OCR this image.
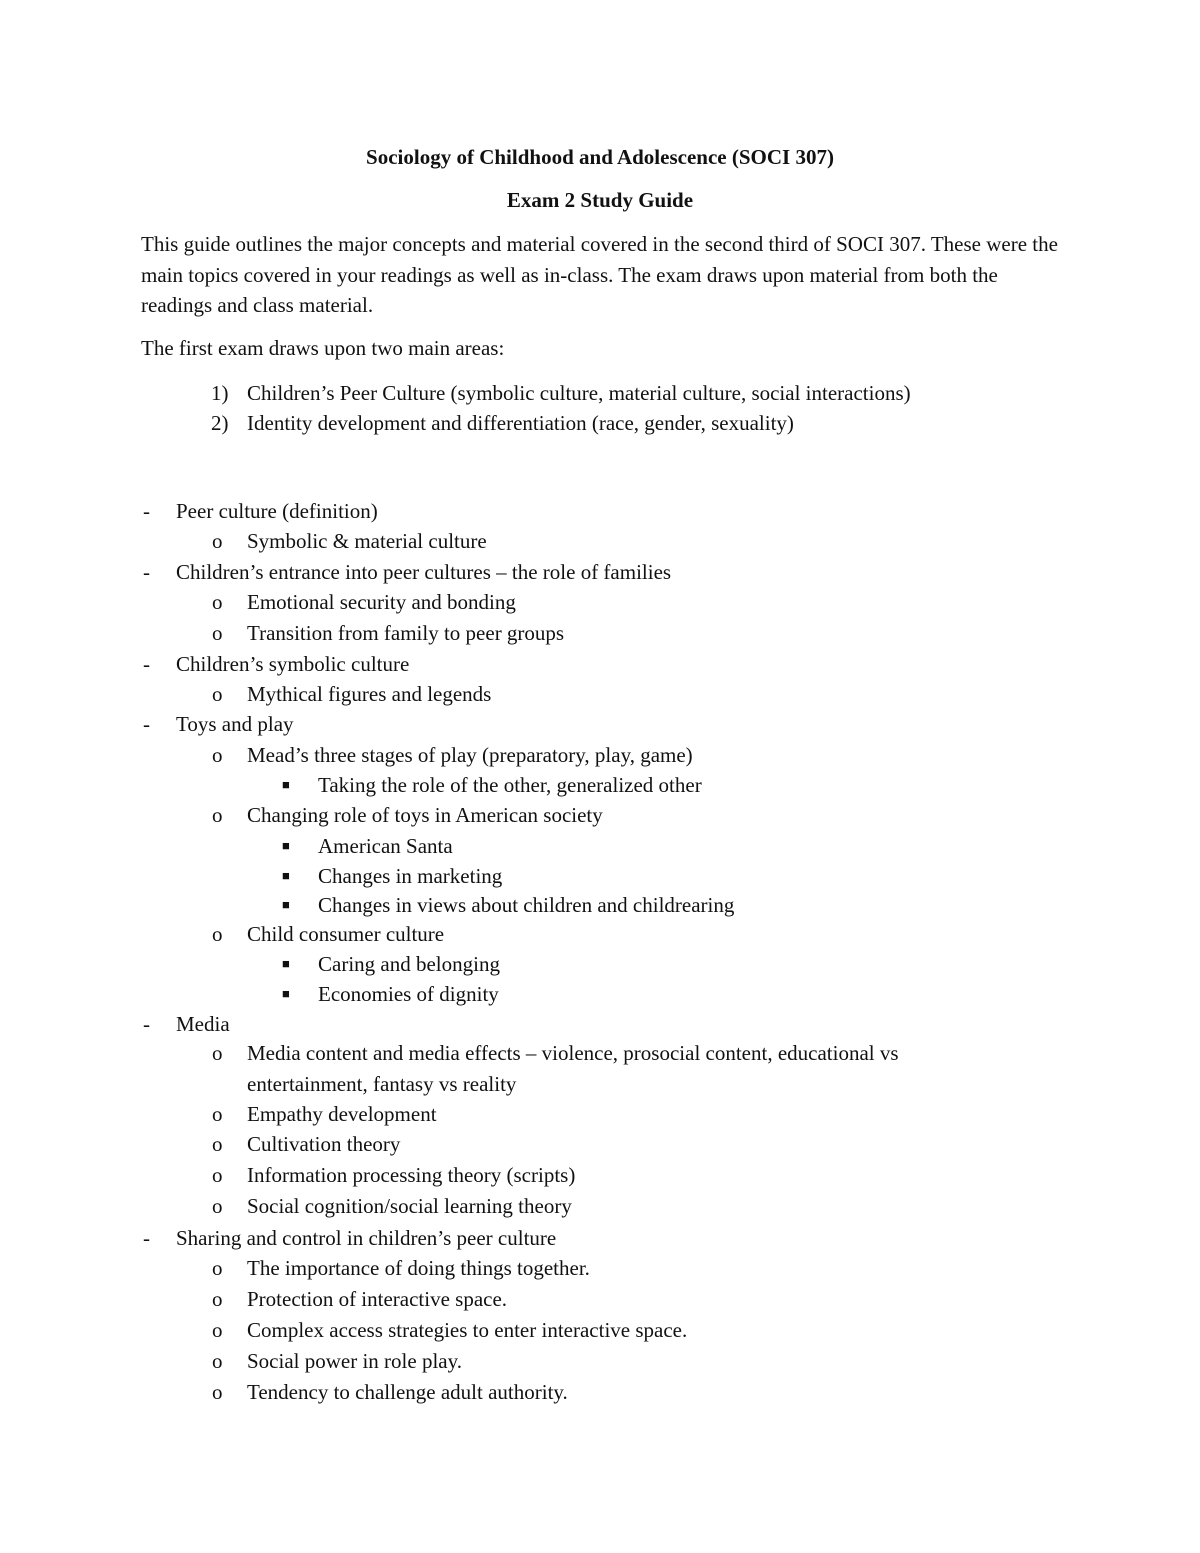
Sociology of Childhood and Adolescence (SOCI 307)
Exam 2 Study Guide
This guide outlines the major concepts and material covered in the second third of SOCI 307. These were the main topics covered in your readings as well as in-class. The exam draws upon material from both the readings and class material.
The first exam draws upon two main areas:
1) Children’s Peer Culture (symbolic culture, material culture, social interactions)
2) Identity development and differentiation (race, gender, sexuality)
- Peer culture (definition)
o Symbolic & material culture
- Children’s entrance into peer cultures – the role of families
o Emotional security and bonding
o Transition from family to peer groups
- Children’s symbolic culture
o Mythical figures and legends
- Toys and play
o Mead’s three stages of play (preparatory, play, game)
■ Taking the role of the other, generalized other
o Changing role of toys in American society
■ American Santa
■ Changes in marketing
■ Changes in views about children and childrearing
o Child consumer culture
■ Caring and belonging
■ Economies of dignity
- Media
o Media content and media effects – violence, prosocial content, educational vs entertainment, fantasy vs reality
o Empathy development
o Cultivation theory
o Information processing theory (scripts)
o Social cognition/social learning theory
- Sharing and control in children’s peer culture
o The importance of doing things together.
o Protection of interactive space.
o Complex access strategies to enter interactive space.
o Social power in role play.
o Tendency to challenge adult authority.
